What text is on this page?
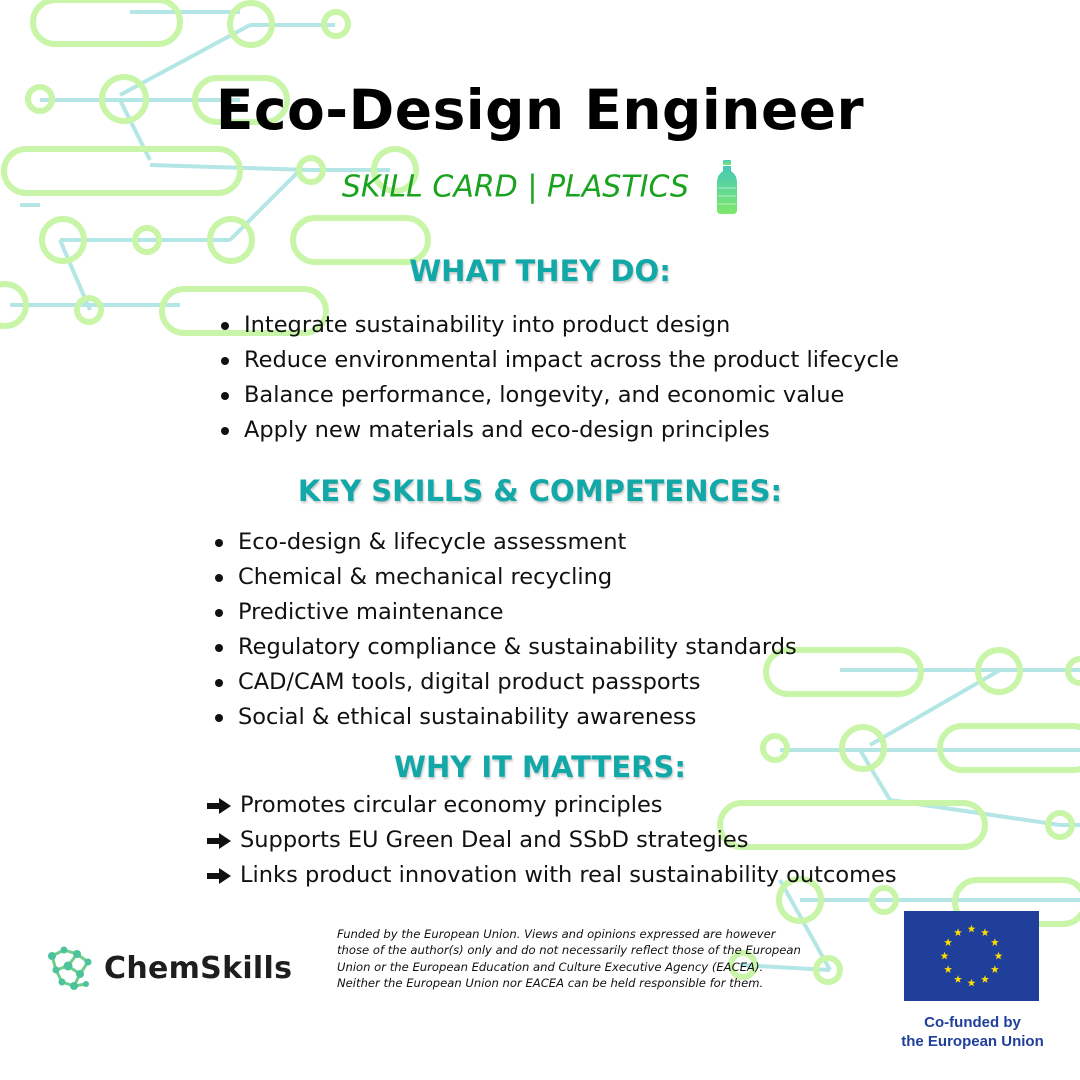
Eco-Design Engineer
SKILL CARD | PLASTICS
WHAT THEY DO:
Integrate sustainability into product design
Reduce environmental impact across the product lifecycle
Balance performance, longevity, and economic value
Apply new materials and eco-design principles
KEY SKILLS & COMPETENCES:
Eco-design & lifecycle assessment
Chemical & mechanical recycling
Predictive maintenance
Regulatory compliance & sustainability standards
CAD/CAM tools, digital product passports
Social & ethical sustainability awareness
WHY IT MATTERS:
Promotes circular economy principles
Supports EU Green Deal and SSbD strategies
Links product innovation with real sustainability outcomes
ChemSkills
Funded by the European Union. Views and opinions expressed are however those of the author(s) only and do not necessarily reflect those of the European Union or the European Education and Culture Executive Agency (EACEA). Neither the European Union nor EACEA can be held responsible for them.
Co-funded by
the European Union
